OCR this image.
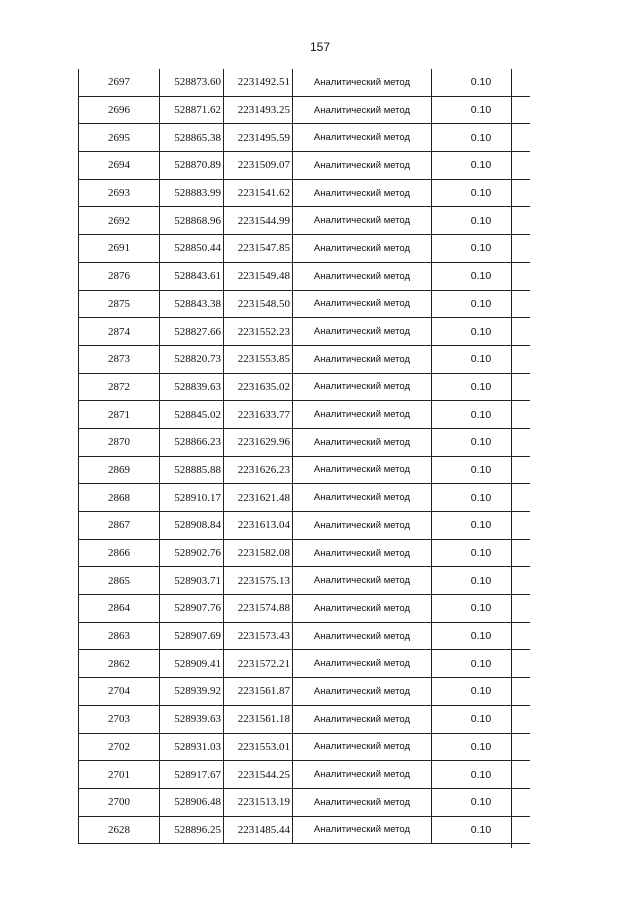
157
2697	528873.60	2231492.51	Аналитический метод	0.10
2696	528871.62	2231493.25	Аналитический метод	0.10
2695	528865.38	2231495.59	Аналитический метод	0.10
2694	528870.89	2231509.07	Аналитический метод	0.10
2693	528883.99	2231541.62	Аналитический метод	0.10
2692	528868.96	2231544.99	Аналитический метод	0.10
2691	528850.44	2231547.85	Аналитический метод	0.10
2876	528843.61	2231549.48	Аналитический метод	0.10
2875	528843.38	2231548.50	Аналитический метод	0.10
2874	528827.66	2231552.23	Аналитический метод	0.10
2873	528820.73	2231553.85	Аналитический метод	0.10
2872	528839.63	2231635.02	Аналитический метод	0.10
2871	528845.02	2231633.77	Аналитический метод	0.10
2870	528866.23	2231629.96	Аналитический метод	0.10
2869	528885.88	2231626.23	Аналитический метод	0.10
2868	528910.17	2231621.48	Аналитический метод	0.10
2867	528908.84	2231613.04	Аналитический метод	0.10
2866	528902.76	2231582.08	Аналитический метод	0.10
2865	528903.71	2231575.13	Аналитический метод	0.10
2864	528907.76	2231574.88	Аналитический метод	0.10
2863	528907.69	2231573.43	Аналитический метод	0.10
2862	528909.41	2231572.21	Аналитический метод	0.10
2704	528939.92	2231561.87	Аналитический метод	0.10
2703	528939.63	2231561.18	Аналитический метод	0.10
2702	528931.03	2231553.01	Аналитический метод	0.10
2701	528917.67	2231544.25	Аналитический метод	0.10
2700	528906.48	2231513.19	Аналитический метод	0.10
2628	528896.25	2231485.44	Аналитический метод	0.10
